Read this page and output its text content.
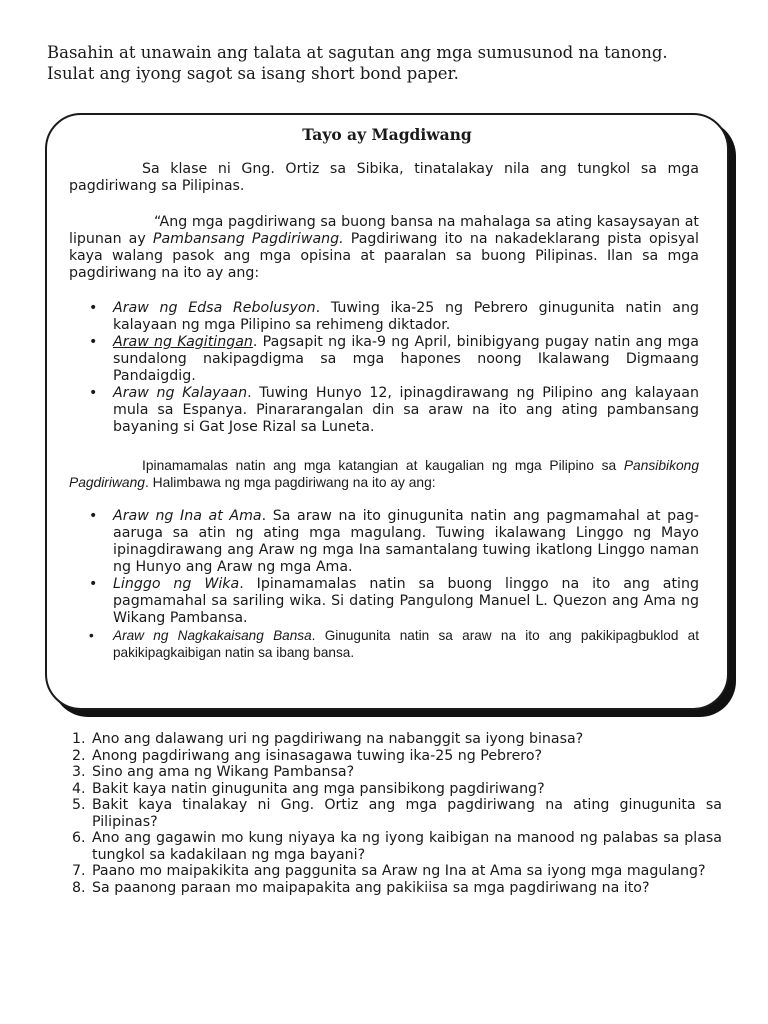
Basahin at unawain ang talata at sagutan ang mga sumusunod na tanong.

Isulat ang iyong sagot sa isang short bond paper.

Tayo ay Magdiwang

Sa klase ni Gng. Ortiz sa Sibika, tinatalakay nila ang tungkol sa mga pagdiriwang sa Pilipinas.

“Ang mga pagdiriwang sa buong bansa na mahalaga sa ating kasaysayan at lipunan ay Pambansang Pagdiriwang. Pagdiriwang ito na nakadeklarang pista opisyal kaya walang pasok ang mga opisina at paaralan sa buong Pilipinas. Ilan sa mga pagdiriwang na ito ay ang:

• Araw ng Edsa Rebolusyon. Tuwing ika-25 ng Pebrero ginugunita natin ang kalayaan ng mga Pilipino sa rehimeng diktador.
• Araw ng Kagitingan. Pagsapit ng ika-9 ng April, binibigyang pugay natin ang mga sundalong nakipagdigma sa mga hapones noong Ikalawang Digmaang Pandaigdig.
• Araw ng Kalayaan. Tuwing Hunyo 12, ipinagdirawang ng Pilipino ang kalayaan mula sa Espanya. Pinararangalan din sa araw na ito ang ating pambansang bayaning si Gat Jose Rizal sa Luneta.

Ipinamamalas natin ang mga katangian at kaugalian ng mga Pilipino sa Pansibikong Pagdiriwang. Halimbawa ng mga pagdiriwang na ito ay ang:

• Araw ng Ina at Ama. Sa araw na ito ginugunita natin ang pagmamahal at pag-aaruga sa atin ng ating mga magulang. Tuwing ikalawang Linggo ng Mayo ipinagdirawang ang Araw ng mga Ina samantalang tuwing ikatlong Linggo naman ng Hunyo ang Araw ng mga Ama.
• Linggo ng Wika. Ipinamamalas natin sa buong linggo na ito ang ating pagmamahal sa sariling wika. Si dating Pangulong Manuel L. Quezon ang Ama ng Wikang Pambansa.
• Araw ng Nagkakaisang Bansa. Ginugunita natin sa araw na ito ang pakikipagbuklod at pakikipagkaibigan natin sa ibang bansa.
1. Ano ang dalawang uri ng pagdiriwang na nabanggit sa iyong binasa?
2. Anong pagdiriwang ang isinasagawa tuwing ika-25 ng Pebrero?
3. Sino ang ama ng Wikang Pambansa?
4. Bakit kaya natin ginugunita ang mga pansibikong pagdiriwang?
5. Bakit kaya tinalakay ni Gng. Ortiz ang mga pagdiriwang na ating ginugunita sa Pilipinas?
6. Ano ang gagawin mo kung niyaya ka ng iyong kaibigan na manood ng palabas sa plasa tungkol sa kadakilaan ng mga bayani?
7. Paano mo maipakikita ang paggunita sa Araw ng Ina at Ama sa iyong mga magulang?
8. Sa paanong paraan mo maipapakita ang pakikiisa sa mga pagdiriwang na ito?
